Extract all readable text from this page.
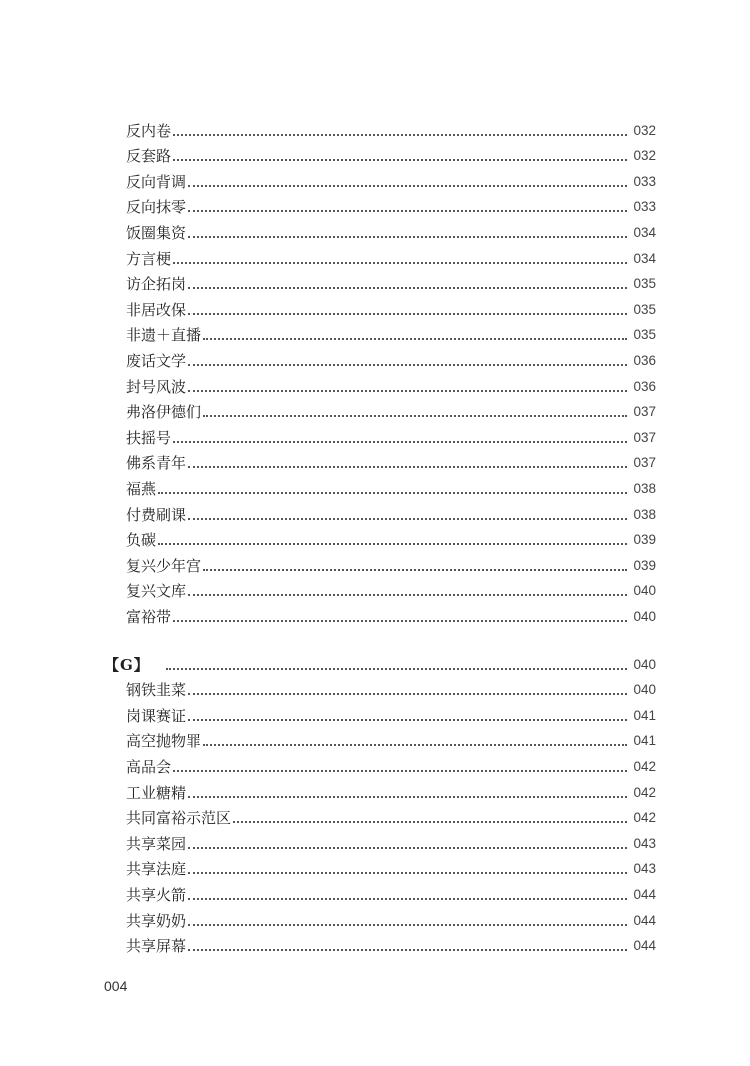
反内卷	032
反套路	032
反向背调	033
反向抹零	033
饭圈集资	034
方言梗	034
访企拓岗	035
非居改保	035
非遗＋直播	035
废话文学	036
封号风波	036
弗洛伊德们	037
扶摇号	037
佛系青年	037
福燕	038
付费刷课	038
负碳	039
复兴少年宫	039
复兴文库	040
富裕带	040
【G】	040
钢铁韭菜	040
岗课赛证	041
高空抛物罪	041
高品会	042
工业糖精	042
共同富裕示范区	042
共享菜园	043
共享法庭	043
共享火箭	044
共享奶奶	044
共享屏幕	044
004
